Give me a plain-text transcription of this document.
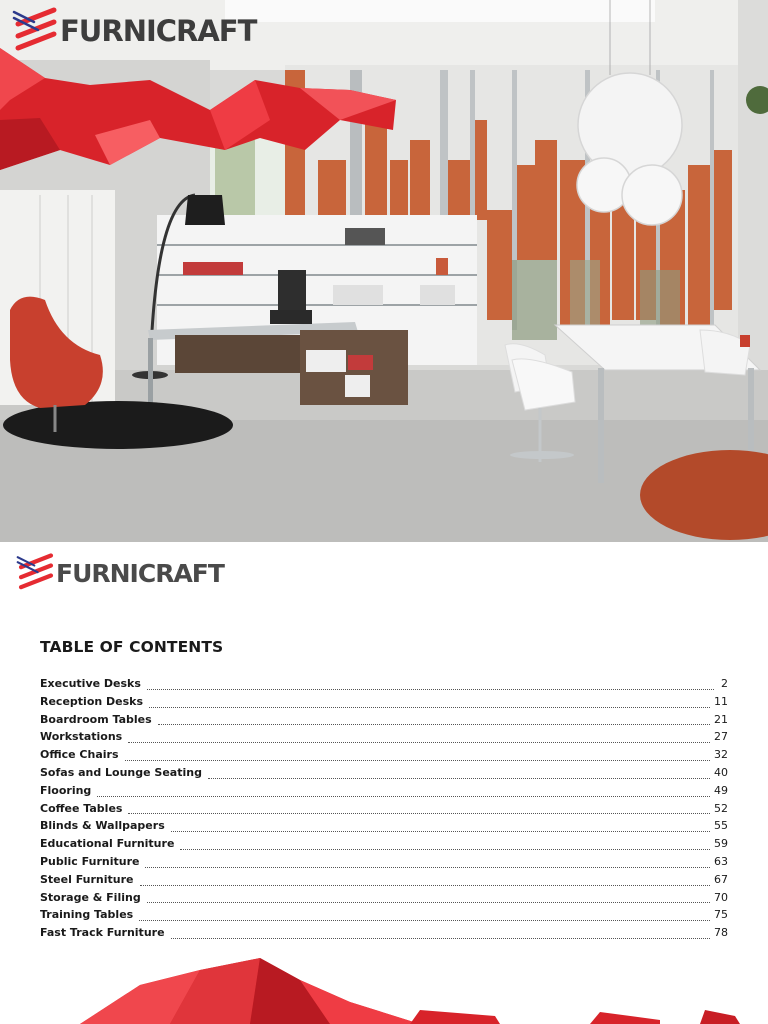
FURNICRAFT
FURNICRAFT
TABLE OF CONTENTS
Executive Desks	2
Reception Desks	11
Boardroom Tables	21
Workstations	27
Office Chairs	32
Sofas and Lounge Seating	40
Flooring	49
Coffee Tables	52
Blinds & Wallpapers	55
Educational Furniture	59
Public Furniture	63
Steel Furniture	67
Storage & Filing	70
Training Tables	75
Fast Track Furniture	78
